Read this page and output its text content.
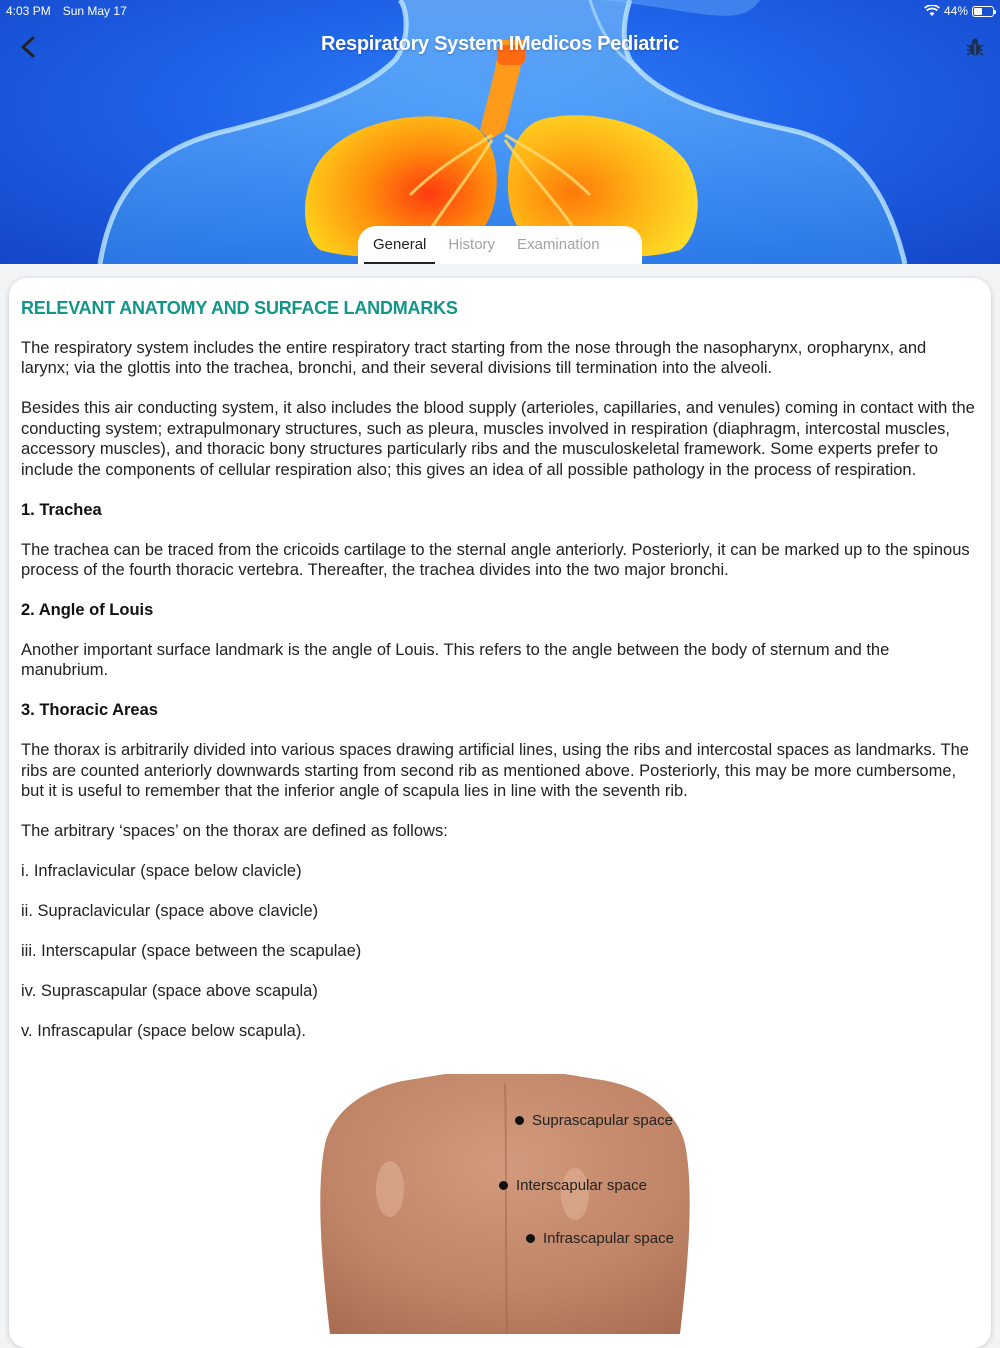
4:03 PM Sun May 17	44%
Respiratory System IMedicos Pediatric
General	History	Examination
RELEVANT ANATOMY AND SURFACE LANDMARKS

The respiratory system includes the entire respiratory tract starting from the nose through the nasopharynx, oropharynx, and larynx; via the glottis into the trachea, bronchi, and their several divisions till termination into the alveoli.

Besides this air conducting system, it also includes the blood supply (arterioles, capillaries, and venules) coming in contact with the conducting system; extrapulmonary structures, such as pleura, muscles involved in respiration (diaphragm, intercostal muscles, accessory muscles), and thoracic bony structures particularly ribs and the musculoskeletal framework. Some experts prefer to include the components of cellular respiration also; this gives an idea of all possible pathology in the process of respiration.

1. Trachea

The trachea can be traced from the cricoids cartilage to the sternal angle anteriorly. Posteriorly, it can be marked up to the spinous process of the fourth thoracic vertebra. Thereafter, the trachea divides into the two major bronchi.

2. Angle of Louis

Another important surface landmark is the angle of Louis. This refers to the angle between the body of sternum and the manubrium.

3. Thoracic Areas

The thorax is arbitrarily divided into various spaces drawing artificial lines, using the ribs and intercostal spaces as landmarks. The ribs are counted anteriorly downwards starting from second rib as mentioned above. Posteriorly, this may be more cumbersome, but it is useful to remember that the inferior angle of scapula lies in line with the seventh rib.

The arbitrary ‘spaces’ on the thorax are defined as follows:

i. Infraclavicular (space below clavicle)

ii. Supraclavicular (space above clavicle)

iii. Interscapular (space between the scapulae)

iv. Suprascapular (space above scapula)

v. Infrascapular (space below scapula).

Suprascapular space
Interscapular space
Infrascapular space
